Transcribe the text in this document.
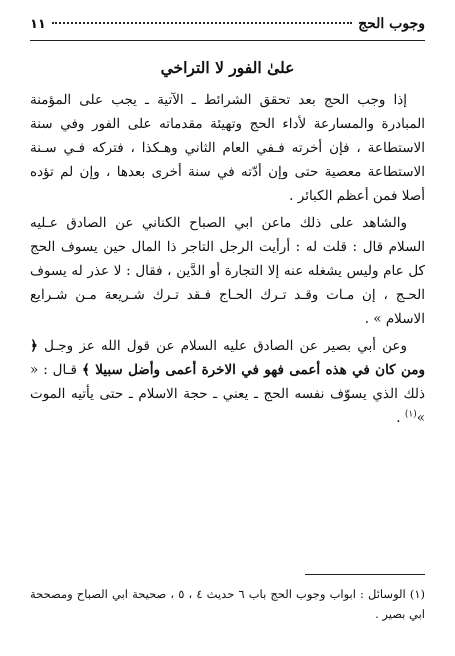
وجوب الحج
١١
علىٰ الفور لا التراخي

إذا وجب الحج بعد تحقق الشرائط ـ الآتية ـ يجب على المؤمنة المبادرة والمسارعة لأداء الحج وتهيئة مقدماته على الفور وفي سنة الاستطاعة ، فإن أخرته فـفي العام الثاني وهـكذا ، فتركه فـي سـنة الاستطاعة معصية حتى وإن أدّته في سنة أخرى بعدها ، وإن لم تؤده أصلا فمن أعظم الكبائر .

والشاهد على ذلك ماعن ابي الصباح الكناني عن الصادق عـليه السلام قال : قلت له : أرأيت الرجل التاجر ذا المال حين يسوف الحج كل عام وليس يشغله عنه إلا التجارة أو الدَّين ، فقال : لا عذر له يسوف الحـج ، إن مـات وقـد تـرك الحـاج فـقد تـرك شـريعة مـن شـرايع الاسلام » .

وعن أبي بصير عن الصادق عليه السلام عن قول الله عز وجـل ﴿ ومن كان في هذه أعمى فهو في الاخرة أعمى وأضل سبيلا ﴾ قـال : « ذلك الذي يسوّف نفسه الحج ـ يعني ـ حجة الاسلام ـ حتى يأتيه الموت »$^{(١)}$ .

(١) الوسائل : ابواب وجوب الحج باب ٦ حديث ٤ ، ٥ ، صحيحة ابي الصباح ومصححة ابي بصير .
